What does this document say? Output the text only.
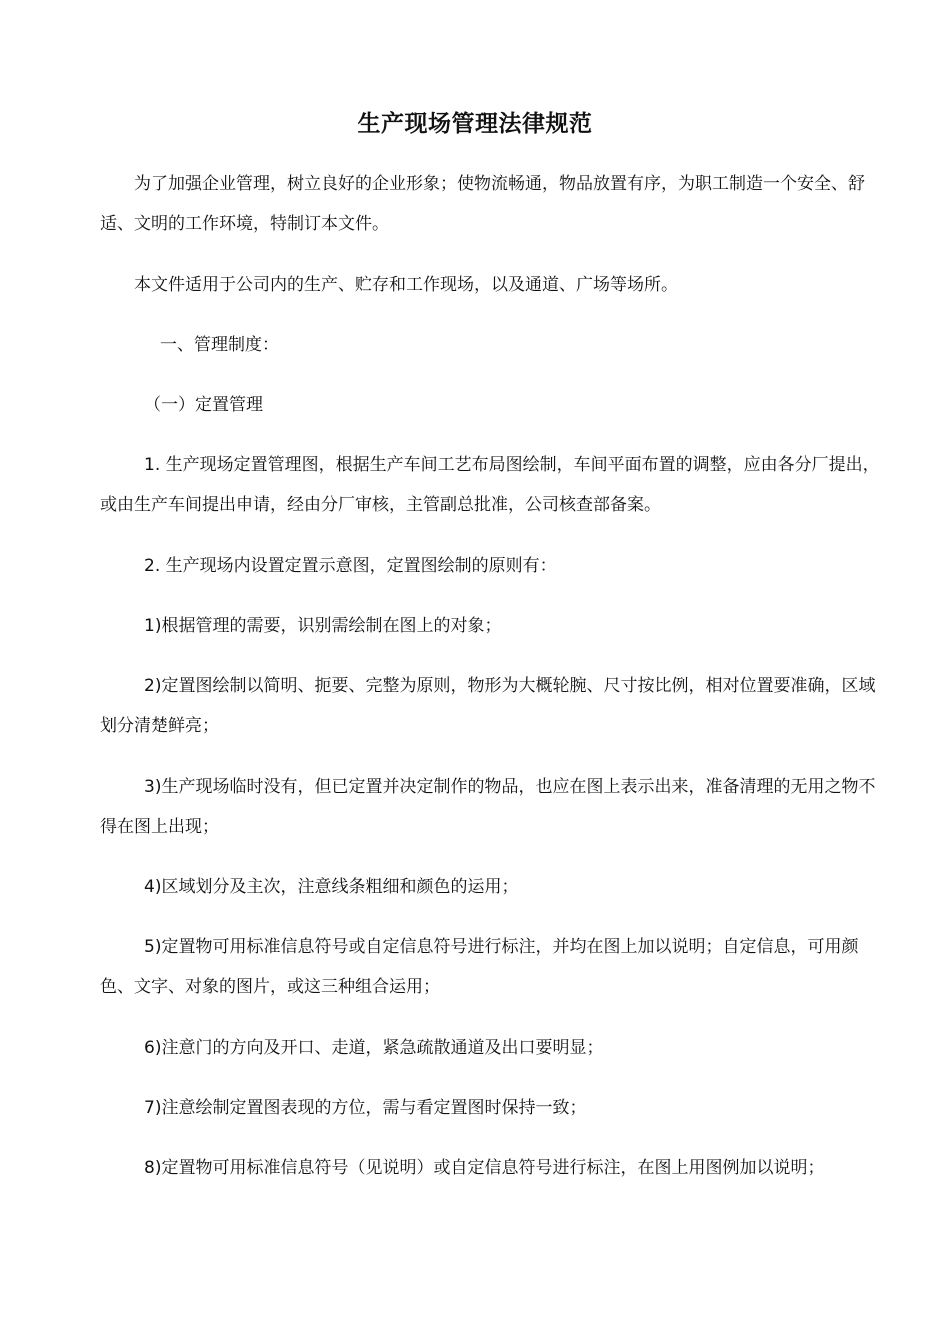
生产现场管理法律规范

为了加强企业管理，树立良好的企业形象；使物流畅通，物品放置有序，为职工制造一个安全、舒适、文明的工作环境，特制订本文件。

本文件适用于公司内的生产、贮存和工作现场，以及通道、广场等场所。

一、管理制度：

（一）定置管理

1. 生产现场定置管理图，根据生产车间工艺布局图绘制，车间平面布置的调整，应由各分厂提出，或由生产车间提出申请，经由分厂审核，主管副总批准，公司核查部备案。

2. 生产现场内设置定置示意图，定置图绘制的原则有：

1)根据管理的需要，识别需绘制在图上的对象；

2)定置图绘制以简明、扼要、完整为原则，物形为大概轮腕、尺寸按比例，相对位置要准确，区域划分清楚鲜亮；

3)生产现场临时没有，但已定置并决定制作的物品，也应在图上表示出来，准备清理的无用之物不得在图上出现；

4)区域划分及主次，注意线条粗细和颜色的运用；

5)定置物可用标准信息符号或自定信息符号进行标注，并均在图上加以说明；自定信息，可用颜色、文字、对象的图片，或这三种组合运用；

6)注意门的方向及开口、走道，紧急疏散通道及出口要明显；

7)注意绘制定置图表现的方位，需与看定置图时保持一致；

8)定置物可用标准信息符号（见说明）或自定信息符号进行标注，在图上用图例加以说明；
